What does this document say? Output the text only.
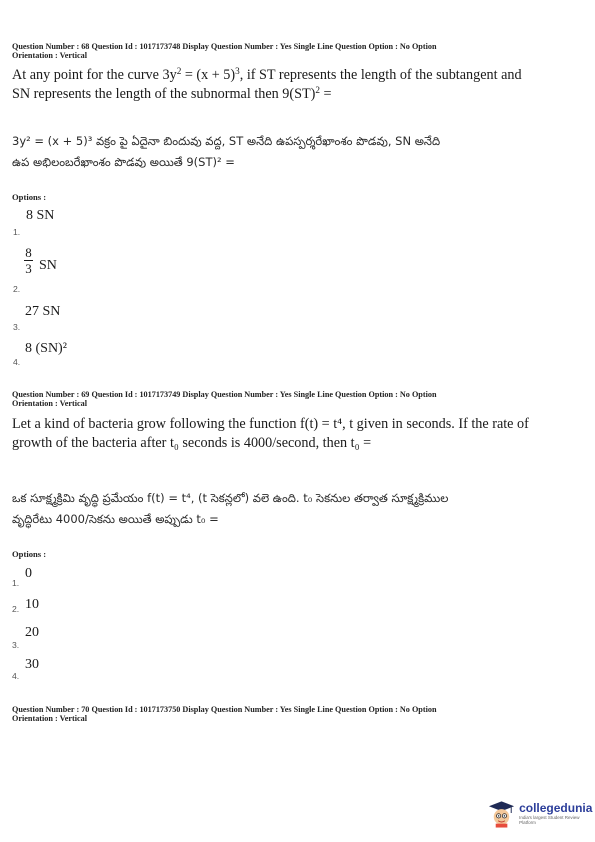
Question Number : 68 Question Id : 1017173748 Display Question Number : Yes Single Line Question Option : No Option
Orientation : Vertical
At any point for the curve $3y^2 = (x + 5)^3$, if ST represents the length of the subtangent and
SN represents the length of the subnormal then 9(ST)$^2$ =
3y² = (x + 5)³ వక్రం పై ఏదైనా బిందువు వద్ద, ST అనేది ఉపస్పర్శరేఖాంశం పొడవు, SN అనేది
ఉప అభిలంబరేఖాంశం పొడవు అయితే 9(ST)² =
Options :
8 SN
1.
8
3 SN
2.
27 SN
3.
8 (SN)²
4.
Question Number : 69 Question Id : 1017173749 Display Question Number : Yes Single Line Question Option : No Option
Orientation : Vertical
Let a kind of bacteria grow following the function f(t) = t⁴, t given in seconds. If the rate of
growth of the bacteria after t₀ seconds is 4000/second, then t₀ =
ఒక సూక్ష్మక్రిమి వృద్ధి ప్రమేయం f(t) = t⁴, (t సెకన్లలో) వలె ఉంది. t₀ సెకనుల తర్వాత సూక్ష్మక్రిముల
వృద్ధిరేటు 4000/సెకను అయితే అప్పుడు t₀ =
Options :
0
1.
10
2.
20
3.
30
4.
Question Number : 70 Question Id : 1017173750 Display Question Number : Yes Single Line Question Option : No Option
Orientation : Vertical
collegedunia
India's largest Student Review Platform
